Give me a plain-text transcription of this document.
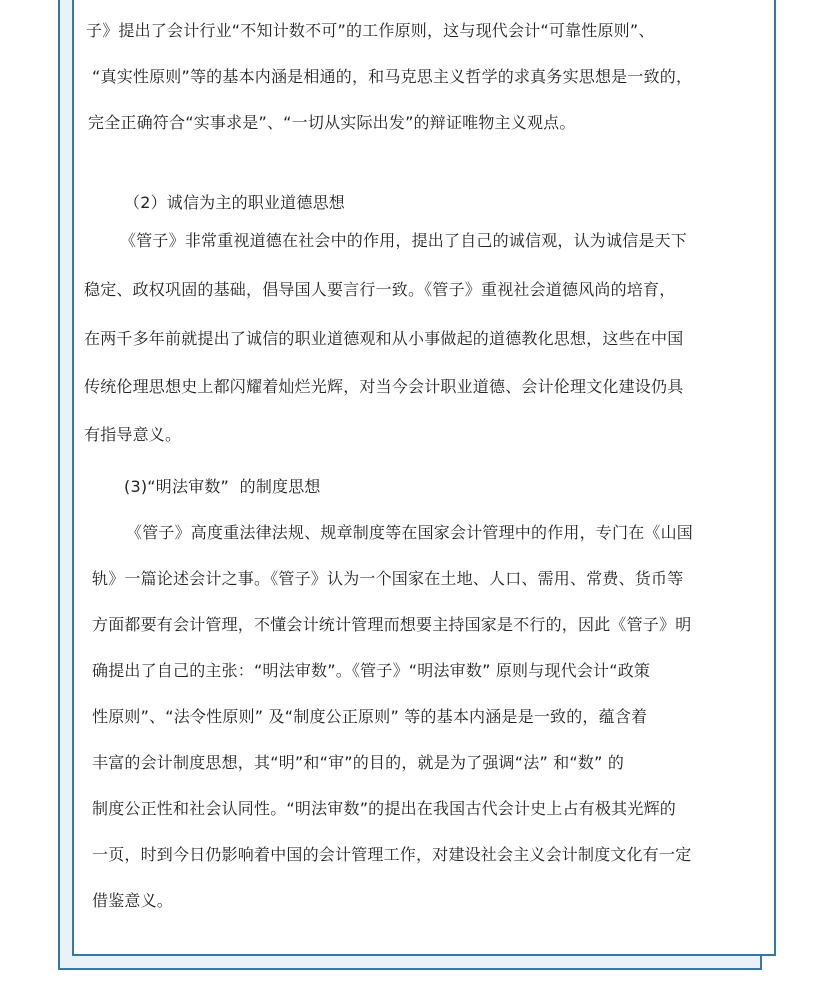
子》提出了会计行业“不知计数不可”的工作原则，这与现代会计“可靠性原则”、
“真实性原则”等的基本内涵是相通的，和马克思主义哲学的求真务实思想是一致的，
完全正确符合“实事求是”、“一切从实际出发”的辩证唯物主义观点。
（2）诚信为主的职业道德思想
《管子》非常重视道德在社会中的作用，提出了自己的诚信观，认为诚信是天下
稳定、政权巩固的基础，倡导国人要言行一致。《管子》重视社会道德风尚的培育，
在两千多年前就提出了诚信的职业道德观和从小事做起的道德教化思想，这些在中国
传统伦理思想史上都闪耀着灿烂光辉，对当今会计职业道德、会计伦理文化建设仍具
有指导意义。
(3)“明法审数”  的制度思想
《管子》高度重法律法规、规章制度等在国家会计管理中的作用，专门在《山国
轨》一篇论述会计之事。《管子》认为一个国家在土地、人口、需用、常费、货币等
方面都要有会计管理，不懂会计统计管理而想要主持国家是不行的，因此《管子》明
确提出了自己的主张：“明法审数”。《管子》“明法审数” 原则与现代会计“政策
性原则”、“法令性原则” 及“制度公正原则” 等的基本内涵是是一致的，蕴含着
丰富的会计制度思想，其“明”和“审”的目的，就是为了强调“法” 和“数” 的
制度公正性和社会认同性。“明法审数”的提出在我国古代会计史上占有极其光辉的
一页，时到今日仍影响着中国的会计管理工作，对建设社会主义会计制度文化有一定
借鉴意义。
